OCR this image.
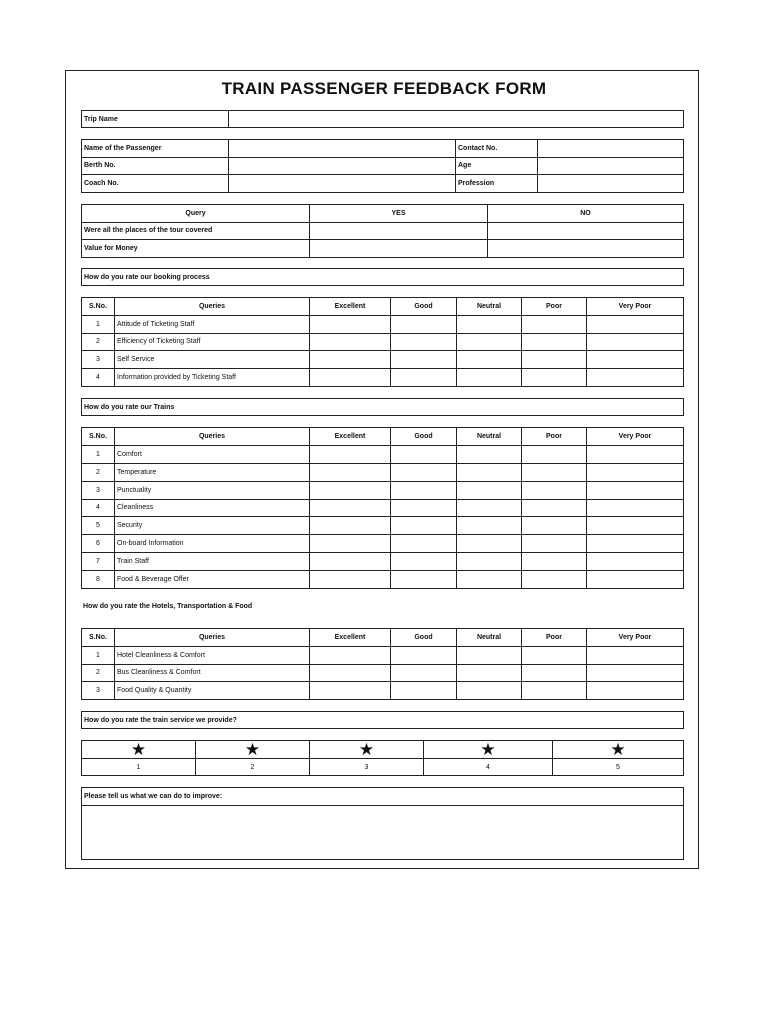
TRAIN PASSENGER FEEDBACK FORM
Trip Name	
Name of the Passenger		Contact No.	
Berth No.		Age	
Coach No.		Profession	
Query	YES	NO
Were all the places of the tour covered		
Value for Money		
How do you rate our booking process
S.No.	Queries	Excellent	Good	Neutral	Poor	Very Poor
1	Attitude of Ticketing Staff					
2	Efficiency of Ticketing Staff					
3	Self Service					
4	Information provided by Ticketing Staff					
How do you rate our Trains
S.No.	Queries	Excellent	Good	Neutral	Poor	Very Poor
1	Comfort					
2	Temperature					
3	Punctuality					
4	Cleanliness					
5	Security					
6	On-board Information					
7	Train Staff					
8	Food & Beverage Offer					
How do you rate the Hotels, Transportation & Food
S.No.	Queries	Excellent	Good	Neutral	Poor	Very Poor
1	Hotel Cleanliness & Comfort					
2	Bus Cleanliness & Comfort					
3	Food Quality & Quantity					
How do you rate the train service we provide?
★	★	★	★	★

1	2	3	4	5
Please tell us what we can do to improve:
